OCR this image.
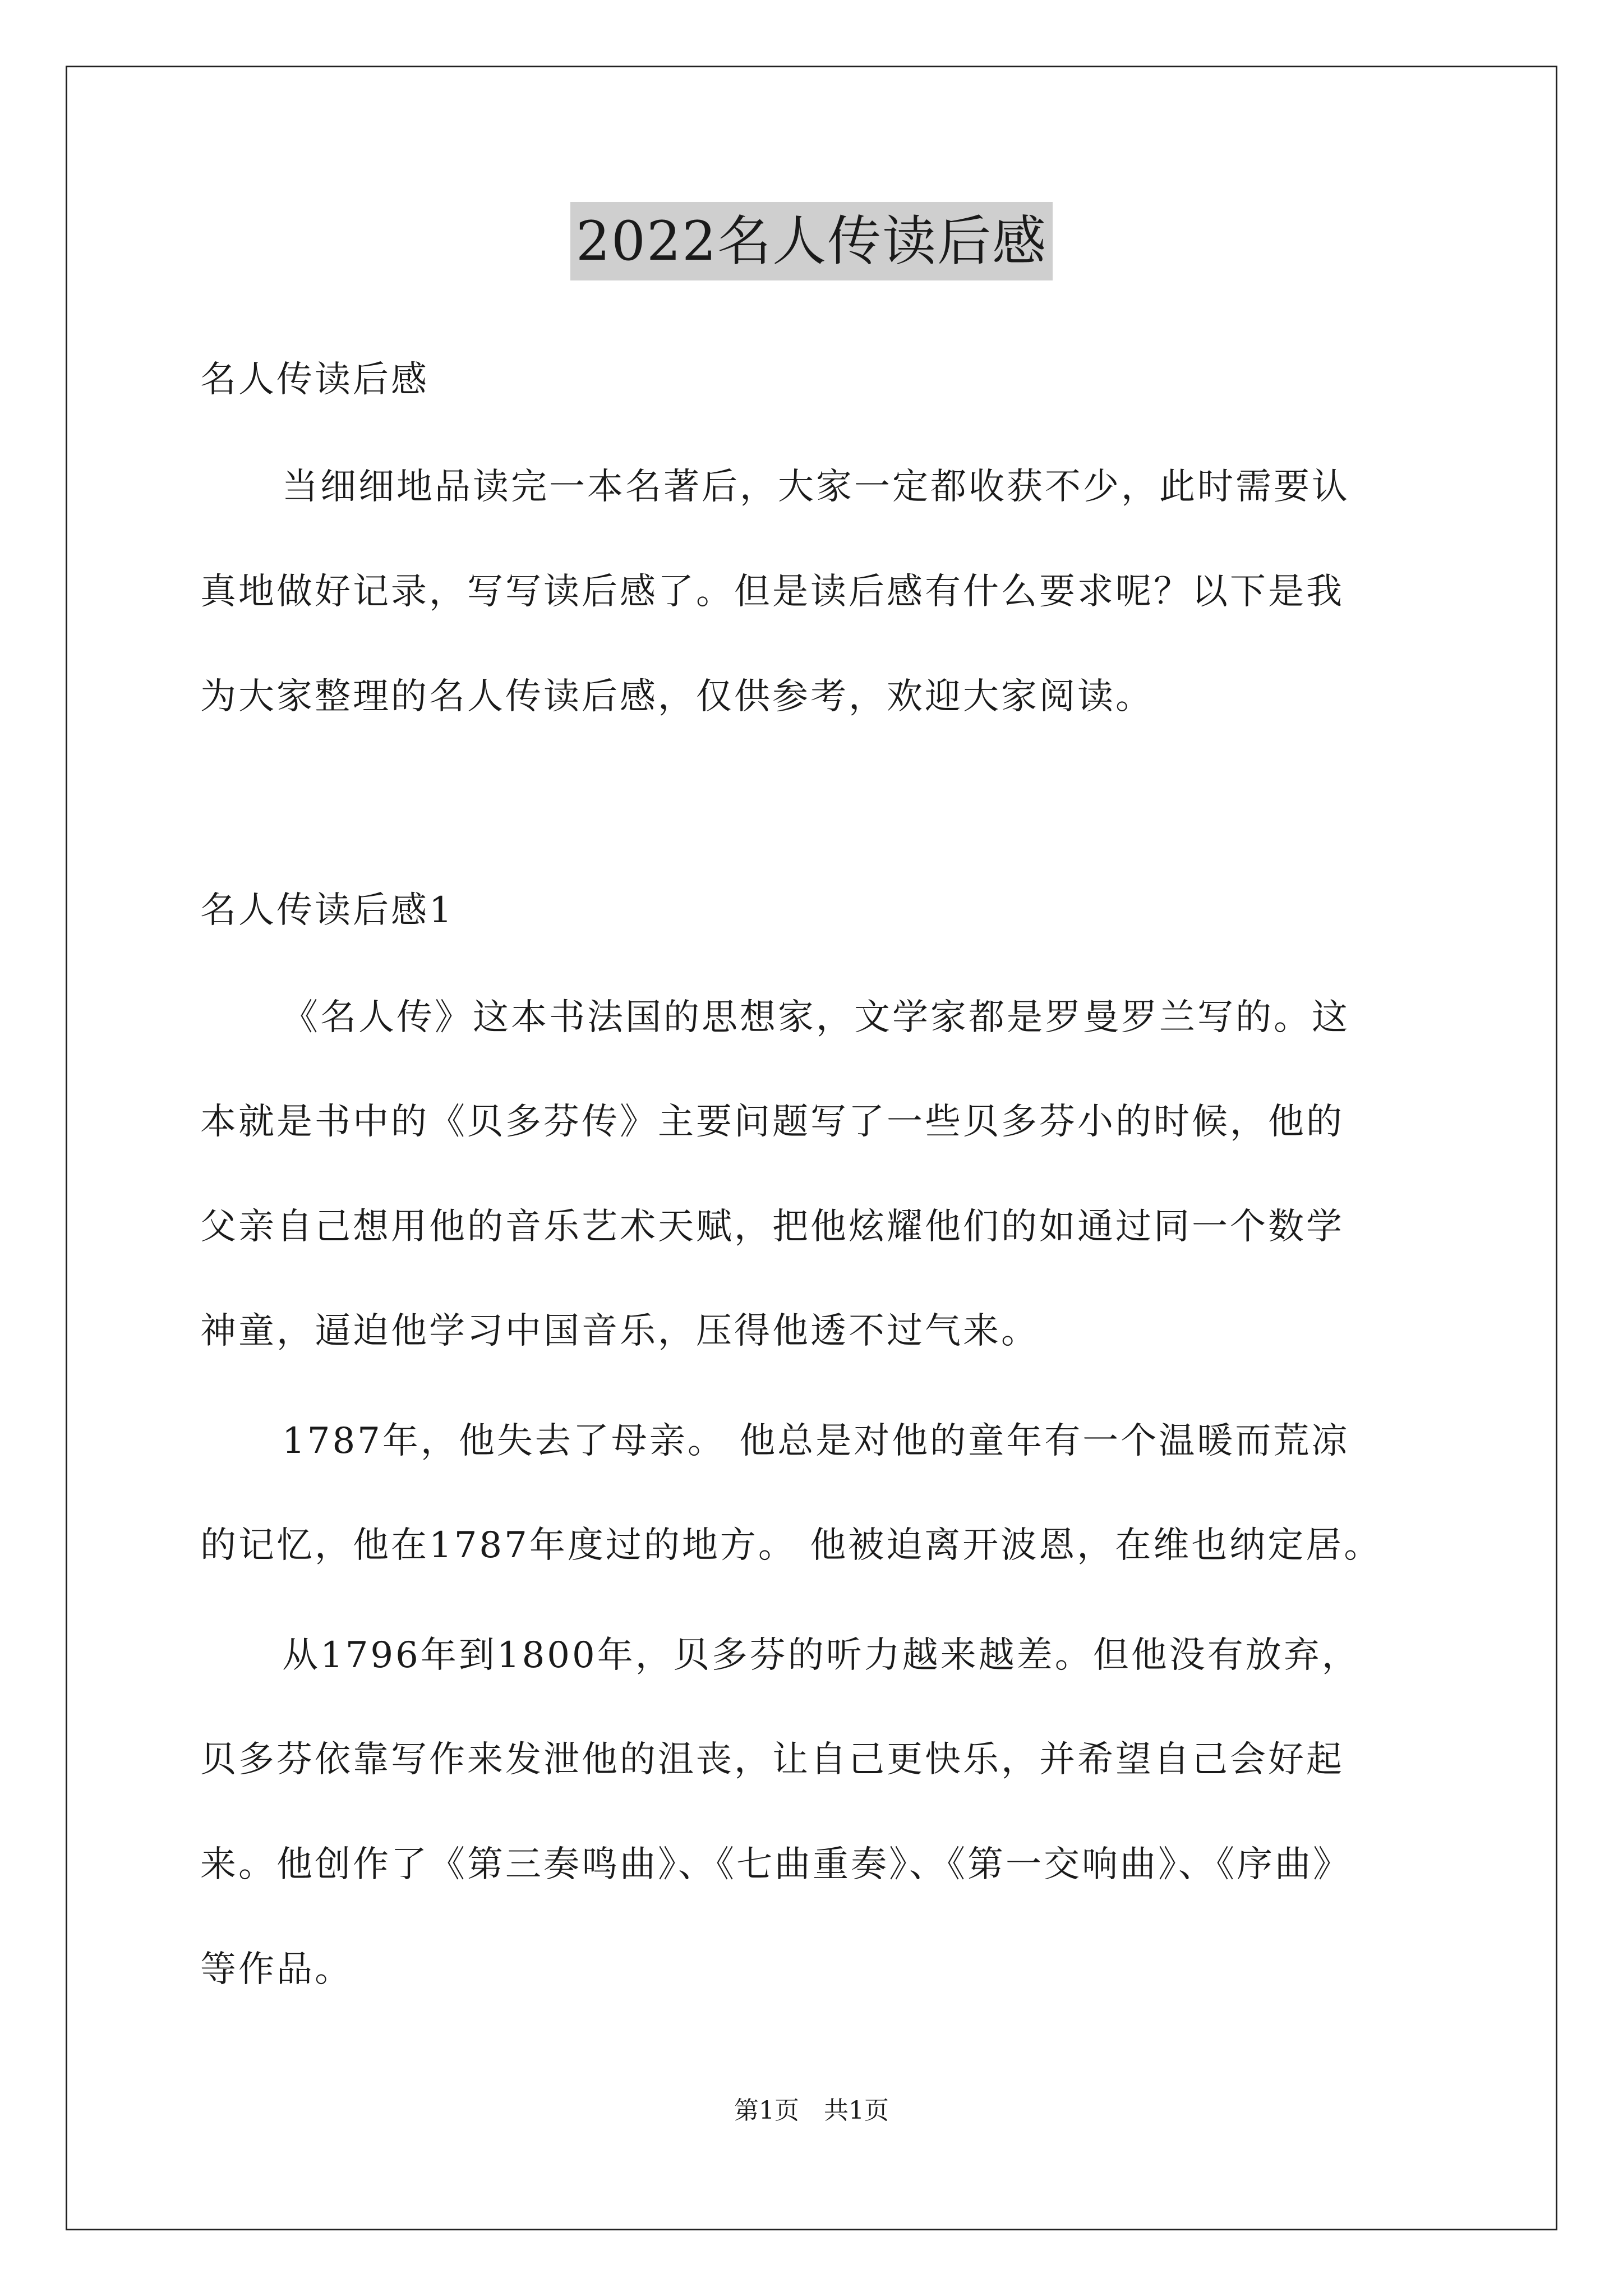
2022名人传读后感
名人传读后感
当细细地品读完一本名著后，大家一定都收获不少，此时需要认
真地做好记录，写写读后感了。但是读后感有什么要求呢？以下是我
为大家整理的名人传读后感，仅供参考，欢迎大家阅读。
名人传读后感1
《名人传》这本书法国的思想家，文学家都是罗曼罗兰写的。这
本就是书中的《贝多芬传》主要问题写了一些贝多芬小的时候，他的
父亲自己想用他的音乐艺术天赋，把他炫耀他们的如通过同一个数学
神童，逼迫他学习中国音乐，压得他透不过气来。
1787年，他失去了母亲。 他总是对他的童年有一个温暖而荒凉
的记忆，他在1787年度过的地方。 他被迫离开波恩，在维也纳定居。
从1796年到1800年，贝多芬的听力越来越差。但他没有放弃，
贝多芬依靠写作来发泄他的沮丧，让自己更快乐，并希望自己会好起
来。他创作了《第三奏鸣曲》、《七曲重奏》、《第一交响曲》、《序曲》
等作品。
第1页　共1页
